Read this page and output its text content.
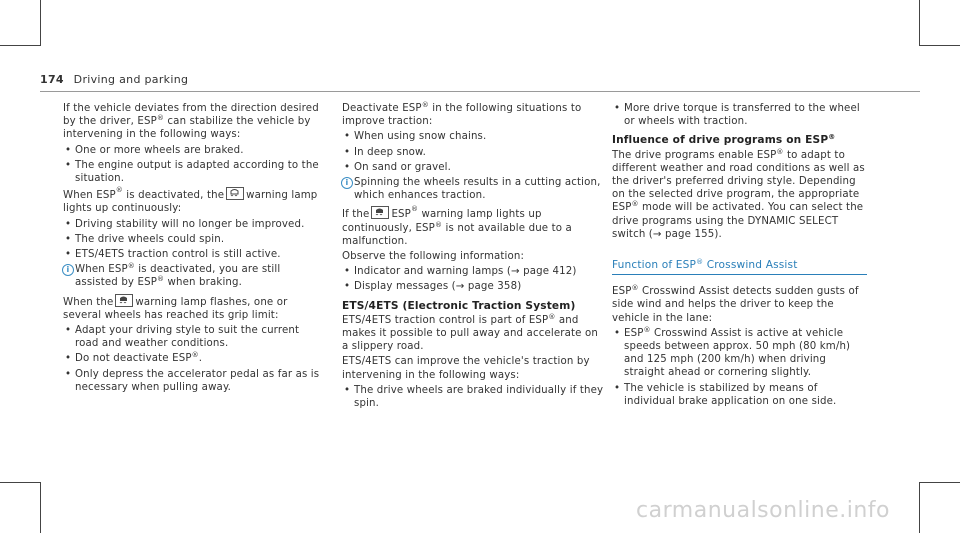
174 Driving and parking

If the vehicle deviates from the direction desired by the driver, ESP® can stabilize the vehicle by intervening in the following ways:

• One or more wheels are braked.
• The engine output is adapted according to the situation.

When ESP® is deactivated, the warning lamp lights up continuously:

• Driving stability will no longer be improved.
• The drive wheels could spin.
• ETS/4ETS traction control is still active.
i When ESP® is deactivated, you are still assisted by ESP® when braking.

When the warning lamp flashes, one or several wheels has reached its grip limit:

• Adapt your driving style to suit the current road and weather conditions.
• Do not deactivate ESP®.
• Only depress the accelerator pedal as far as is necessary when pulling away.

Deactivate ESP® in the following situations to improve traction:

• When using snow chains.
• In deep snow.
• On sand or gravel.
i Spinning the wheels results in a cutting action, which enhances traction.

If the ESP® warning lamp lights up continuously, ESP® is not available due to a malfunction.

Observe the following information:

• Indicator and warning lamps (→ page 412)
• Display messages (→ page 358)
ETS/4ETS (Electronic Traction System)

ETS/4ETS traction control is part of ESP® and makes it possible to pull away and accelerate on a slippery road.

ETS/4ETS can improve the vehicle's traction by intervening in the following ways:

• The drive wheels are braked individually if they spin.
• More drive torque is transferred to the wheel or wheels with traction.
Influence of drive programs on ESP®

The drive programs enable ESP® to adapt to different weather and road conditions as well as the driver's preferred driving style. Depending on the selected drive program, the appropriate ESP® mode will be activated. You can select the drive programs using the DYNAMIC SELECT switch (→ page 155).

Function of ESP® Crosswind Assist

ESP® Crosswind Assist detects sudden gusts of side wind and helps the driver to keep the vehicle in the lane:

• ESP® Crosswind Assist is active at vehicle speeds between approx. 50 mph (80 km/h) and 125 mph (200 km/h) when driving straight ahead or cornering slightly.
• The vehicle is stabilized by means of individual brake application on one side.
carmanualsonline.info
